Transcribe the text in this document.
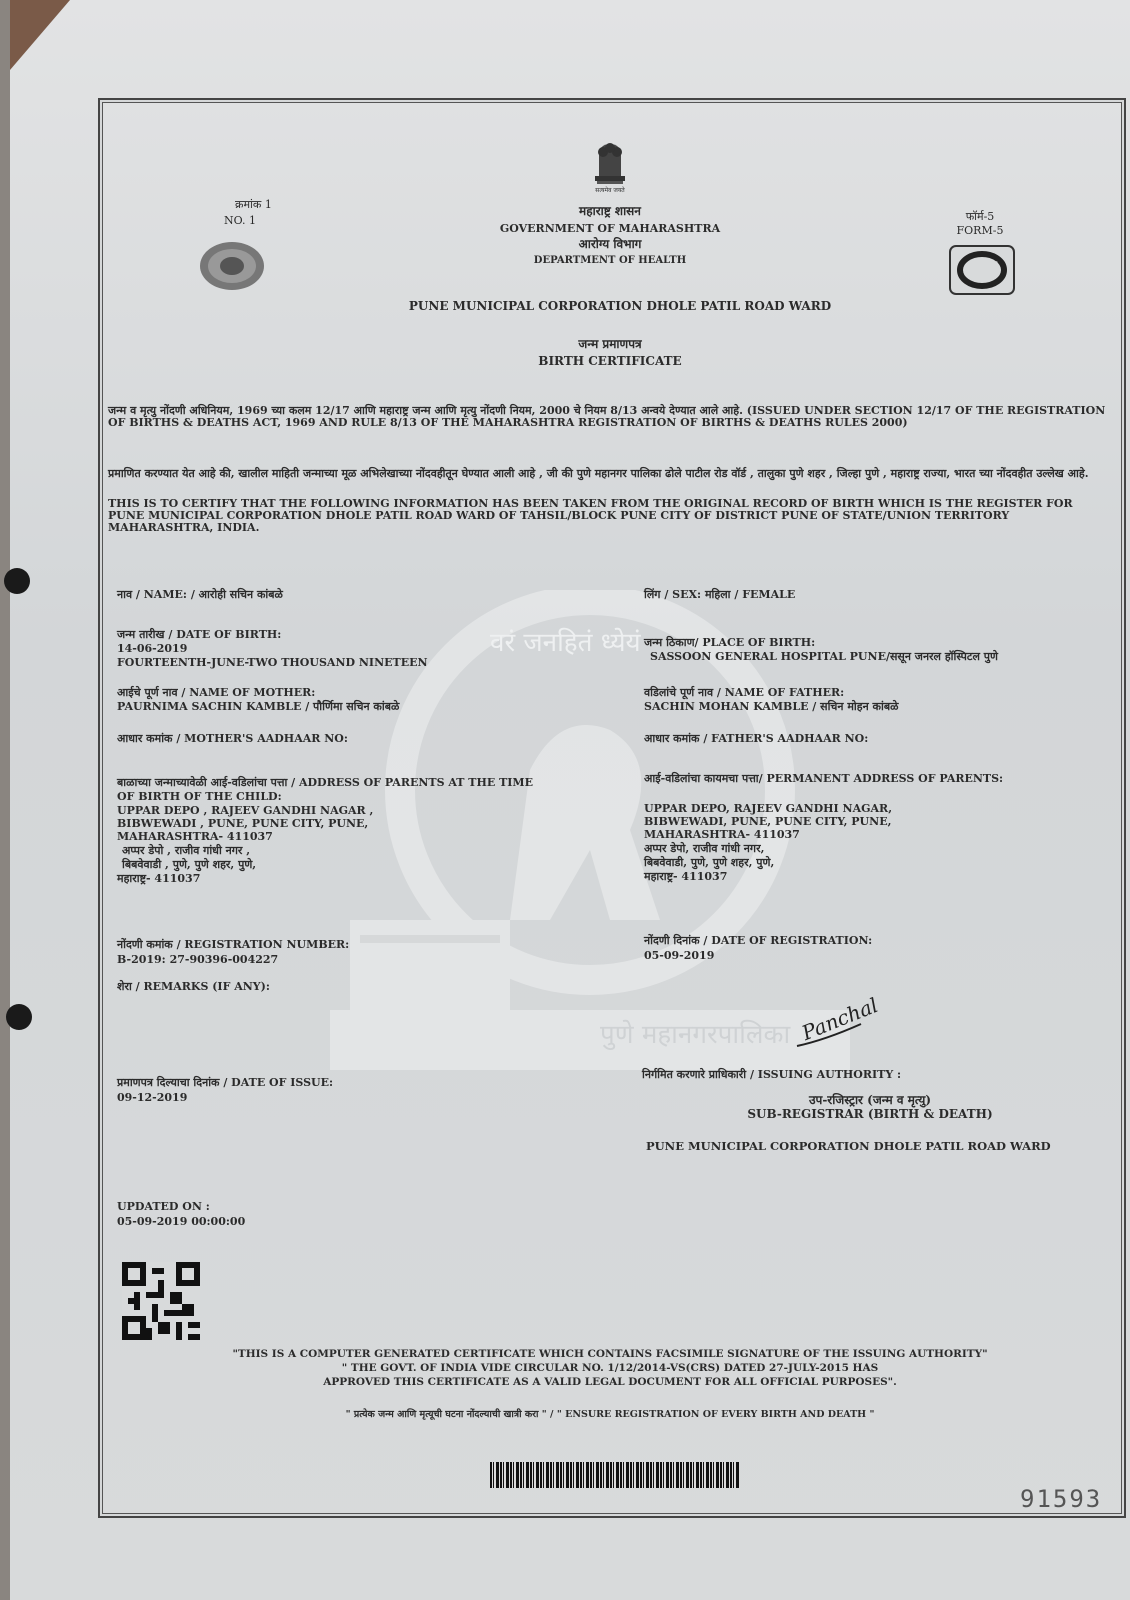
सत्यमेव जयते
क्रमांक 1
NO. 1
महाराष्ट्र शासन
GOVERNMENT OF MAHARASHTRA
आरोग्य विभाग
DEPARTMENT OF HEALTH
फॉर्म-5
FORM-5
PUNE MUNICIPAL CORPORATION DHOLE PATIL ROAD WARD
जन्म प्रमाणपत्र
BIRTH CERTIFICATE
जन्म व मृत्यु नोंदणी अधिनियम, 1969 च्या कलम 12/17 आणि महाराष्ट्र जन्म आणि मृत्यु नोंदणी नियम, 2000 चे नियम 8/13 अन्वये देण्यात आले आहे. (ISSUED UNDER SECTION 12/17 OF THE REGISTRATION OF BIRTHS & DEATHS ACT, 1969 AND RULE 8/13 OF THE MAHARASHTRA REGISTRATION OF BIRTHS & DEATHS RULES 2000)
प्रमाणित करण्यात येत आहे की, खालील माहिती जन्माच्या मूळ अभिलेखाच्या नोंदवहीतून घेण्यात आली आहे , जी की पुणे महानगर पालिका ढोले पाटील रोड वॉर्ड , तालुका पुणे शहर , जिल्हा पुणे , महाराष्ट्र राज्या, भारत च्या नोंदवहीत उल्लेख आहे.
THIS IS TO CERTIFY THAT THE FOLLOWING INFORMATION HAS BEEN TAKEN FROM THE ORIGINAL RECORD OF BIRTH WHICH IS THE REGISTER FOR PUNE MUNICIPAL CORPORATION DHOLE PATIL ROAD WARD OF TAHSIL/BLOCK PUNE CITY OF DISTRICT PUNE OF STATE/UNION TERRITORY MAHARASHTRA, INDIA.
वरं जनहितं ध्येयं
पुणे महानगरपालिका
नाव / NAME: / आरोही सचिन कांबळे
जन्म तारीख / DATE OF BIRTH:
14-06-2019
FOURTEENTH-JUNE-TWO THOUSAND NINETEEN
आईचे पूर्ण नाव / NAME OF MOTHER:
PAURNIMA SACHIN KAMBLE / पौर्णिमा सचिन कांबळे
आधार कमांक / MOTHER'S AADHAAR NO:
बाळाच्या जन्माच्यावेळी आई-वडिलांचा पत्ता / ADDRESS OF PARENTS AT THE TIME
OF BIRTH OF THE CHILD:
UPPAR DEPO , RAJEEV GANDHI NAGAR ,
BIBWEWADI , PUNE, PUNE CITY, PUNE,
MAHARASHTRA- 411037
अप्पर डेपो , राजीव गांधी नगर ,
बिबवेवाडी , पुणे, पुणे शहर, पुणे,
महाराष्ट्र- 411037
नोंदणी कमांक / REGISTRATION NUMBER:
B-2019: 27-90396-004227
शेरा / REMARKS (IF ANY):
प्रमाणपत्र दिल्याचा दिनांक / DATE OF ISSUE:
09-12-2019
लिंग / SEX: महिला / FEMALE
जन्म ठिकाण/ PLACE OF BIRTH:
SASSOON GENERAL HOSPITAL PUNE/ससून जनरल हॉस्पिटल पुणे
वडिलांचे पूर्ण नाव / NAME OF FATHER:
SACHIN MOHAN KAMBLE / सचिन मोहन कांबळे
आधार कमांक / FATHER'S AADHAAR NO:
आई-वडिलांचा कायमचा पत्ता/ PERMANENT ADDRESS OF PARENTS:
UPPAR DEPO, RAJEEV GANDHI NAGAR,
BIBWEWADI, PUNE, PUNE CITY, PUNE,
MAHARASHTRA- 411037
अप्पर डेपो, राजीव गांधी नगर,
बिबवेवाडी, पुणे, पुणे शहर, पुणे,
महाराष्ट्र- 411037
नोंदणी दिनांक / DATE OF REGISTRATION:
05-09-2019
Panchal
निर्गमित करणारे प्राधिकारी / ISSUING AUTHORITY :
उप-रजिस्ट्रार (जन्म व मृत्यु)
SUB-REGISTRAR (BIRTH & DEATH)
PUNE MUNICIPAL CORPORATION DHOLE PATIL ROAD WARD
UPDATED ON :
05-09-2019 00:00:00
"THIS IS A COMPUTER GENERATED CERTIFICATE WHICH CONTAINS FACSIMILE SIGNATURE OF THE ISSUING AUTHORITY"
" THE GOVT. OF INDIA VIDE CIRCULAR NO. 1/12/2014-VS(CRS) DATED 27-JULY-2015 HAS
APPROVED THIS CERTIFICATE AS A VALID LEGAL DOCUMENT FOR ALL OFFICIAL PURPOSES".
" प्रत्येक जन्म आणि मृत्यूची घटना नोंदल्याची खात्री करा " / " ENSURE REGISTRATION OF EVERY BIRTH AND DEATH "
91593
